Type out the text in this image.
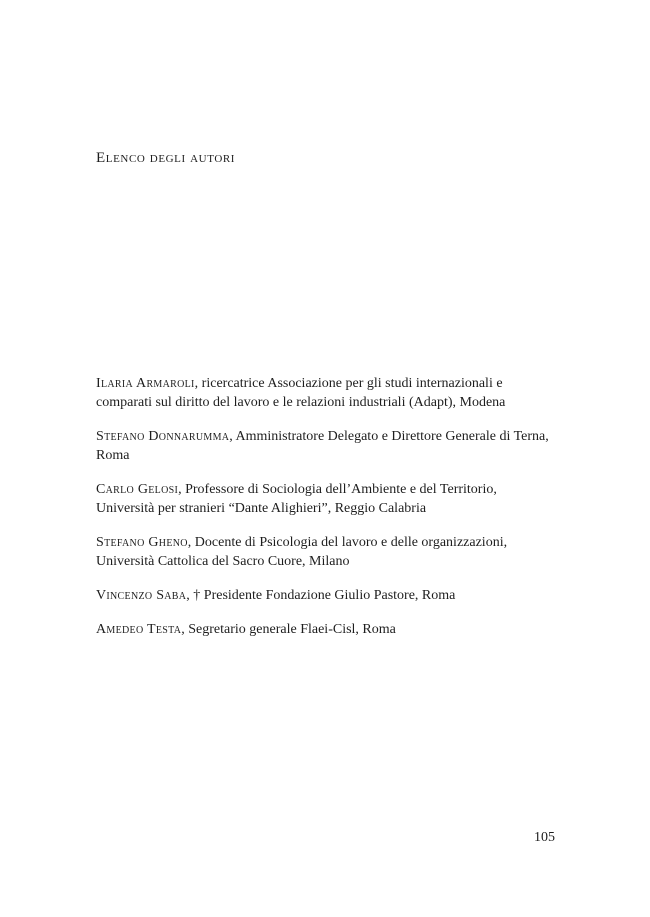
Elenco degli autori
Ilaria Armaroli, ricercatrice Associazione per gli studi internazionali e comparati sul diritto del lavoro e le relazioni industriali (Adapt), Modena
Stefano Donnarumma, Amministratore Delegato e Direttore Generale di Terna, Roma
Carlo Gelosi, Professore di Sociologia dell’Ambiente e del Territorio, Università per stranieri “Dante Alighieri”, Reggio Calabria
Stefano Gheno, Docente di Psicologia del lavoro e delle organizzazioni, Università Cattolica del Sacro Cuore, Milano
Vincenzo Saba, † Presidente Fondazione Giulio Pastore, Roma
Amedeo Testa, Segretario generale Flaei-Cisl, Roma
105
